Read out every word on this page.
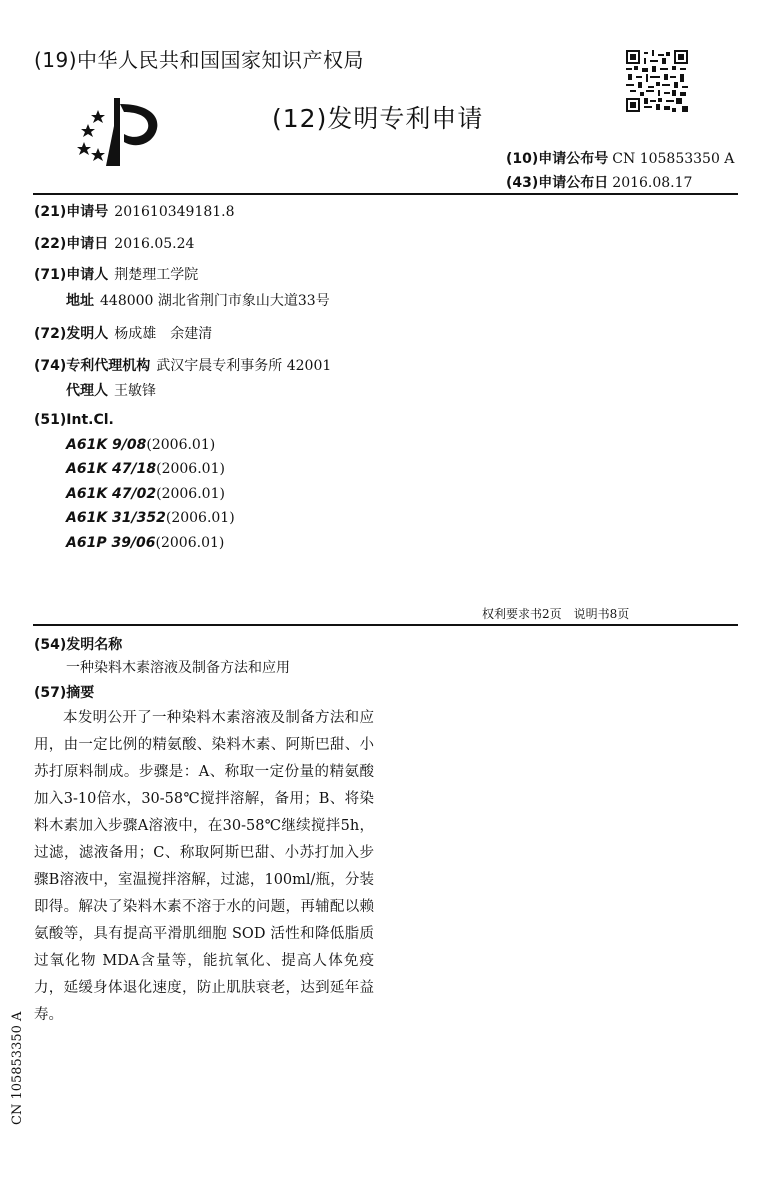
(19)中华人民共和国国家知识产权局
(12)发明专利申请
(10)申请公布号 CN 105853350 A
(43)申请公布日 2016.08.17
(21)申请号 201610349181.8
(22)申请日 2016.05.24
(71)申请人 荆楚理工学院
地址 448000 湖北省荆门市象山大道33号
(72)发明人 杨成雄　余建清
(74)专利代理机构 武汉宇晨专利事务所 42001
代理人 王敏锋
(51)Int.Cl.
A61K 9/08(2006.01)
A61K 47/18(2006.01)
A61K 47/02(2006.01)
A61K 31/352(2006.01)
A61P 39/06(2006.01)
权利要求书2页　说明书8页
(54)发明名称
一种染料木素溶液及制备方法和应用
(57)摘要
本发明公开了一种染料木素溶液及制备方法和应用，由一定比例的精氨酸、染料木素、阿斯巴甜、小苏打原料制成。步骤是：A、称取一定份量的精氨酸加入3-10倍水，30-58℃搅拌溶解，备用；B、将染料木素加入步骤A溶液中，在30-58℃继续搅拌5h，过滤，滤液备用；C、称取阿斯巴甜、小苏打加入步骤B溶液中，室温搅拌溶解，过滤，100ml/瓶，分装即得。解决了染料木素不溶于水的问题，再辅配以赖氨酸等，具有提高平滑肌细胞 SOD 活性和降低脂质过氧化物 MDA含量等，能抗氧化、提高人体免疫力，延缓身体退化速度，防止肌肤衰老，达到延年益寿。
CN 105853350 A
